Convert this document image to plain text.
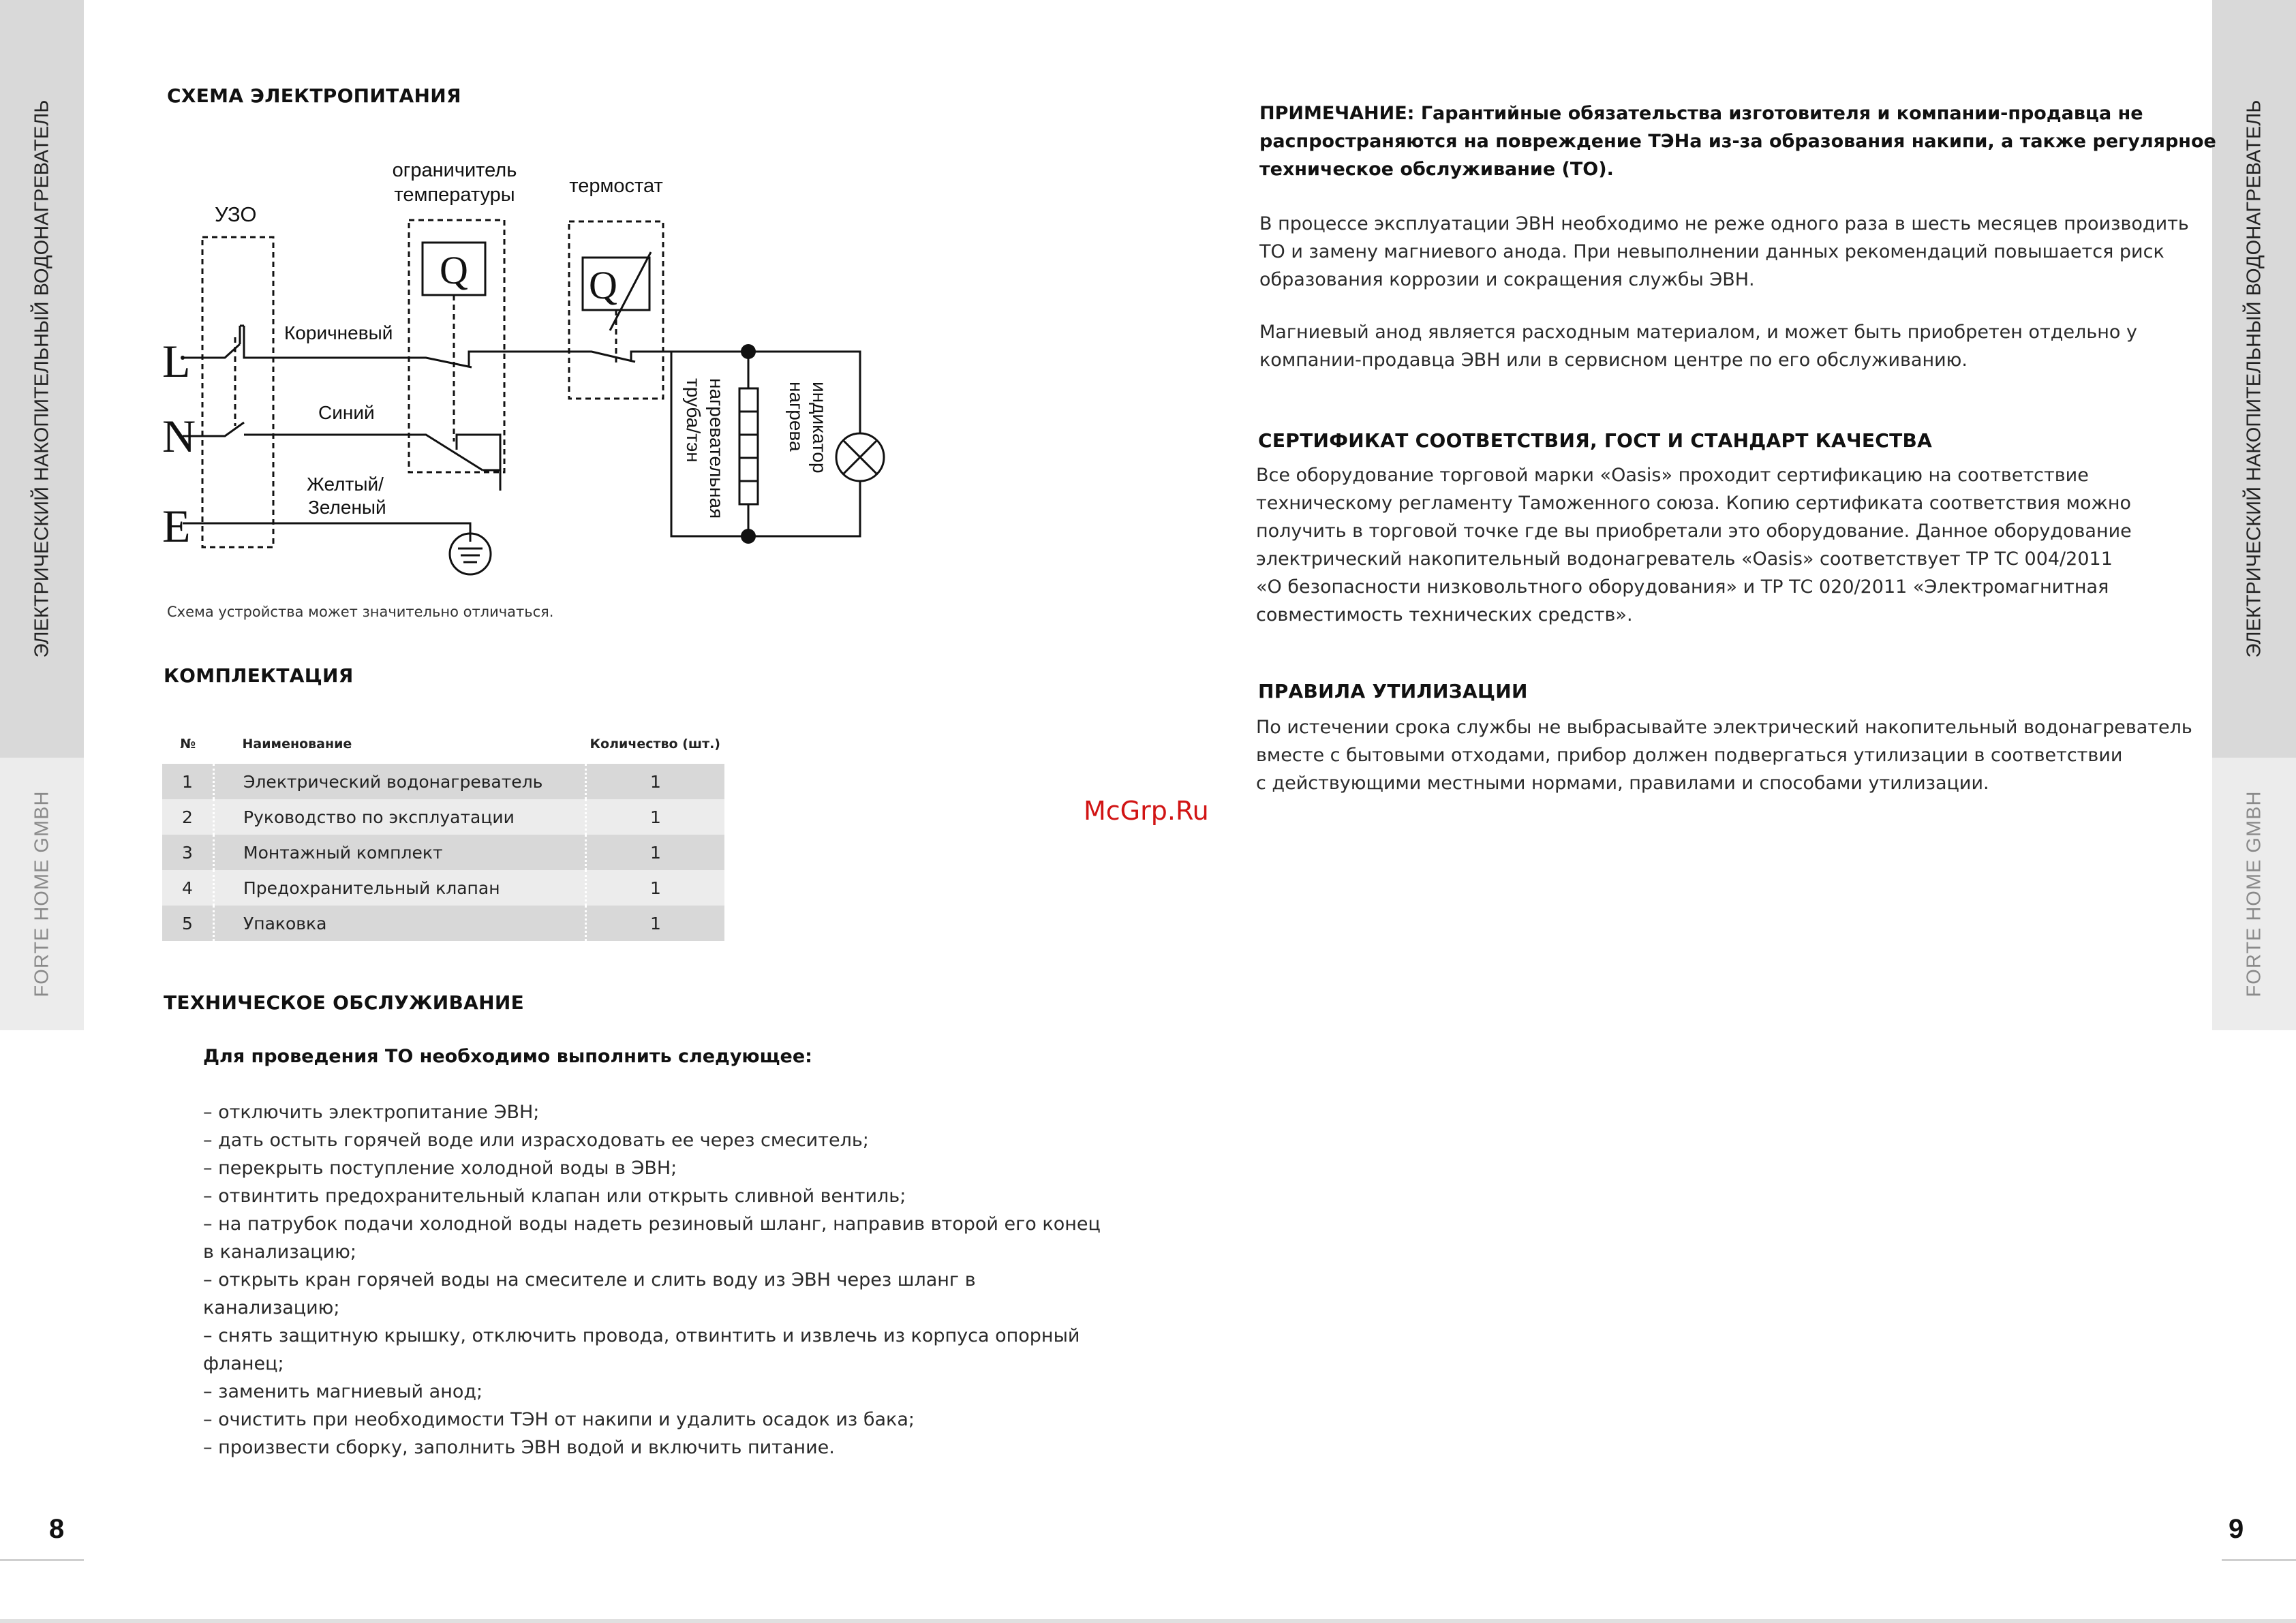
ЭЛЕКТРИЧЕСКИЙ НАКОПИТЕЛЬНЫЙ ВОДОНАГРЕВАТЕЛЬ
FORTE HOME GMBH
ЭЛЕКТРИЧЕСКИЙ НАКОПИТЕЛЬНЫЙ ВОДОНАГРЕВАТЕЛЬ
FORTE HOME GMBH
8	9
СХЕМА ЭЛЕКТРОПИТАНИЯ
УЗО
ограничитель
температуры	термостат
Q	Q
L
N
E
Коричневый
Синий
Желтый/
Зеленый	нагревательная
труба/тэн	индикатор
нагрева
Схема устройства может значительно отличаться.
КОМПЛЕКТАЦИЯ
№	Наименование	Количество (шт.)
1	Электрический водонагреватель	1
2	Руководство по эксплуатации	1
3	Монтажный комплект	1
4	Предохранительный клапан	1
5	Упаковка	1
ТЕХНИЧЕСКОЕ ОБСЛУЖИВАНИЕ
Для проведения ТО необходимо выполнить следующее:
– отключить электропитание ЭВН;
– дать остыть горячей воде или израсходовать ее через смеситель;
– перекрыть поступление холодной воды в ЭВН;
– отвинтить предохранительный клапан или открыть сливной вентиль;
– на патрубок подачи холодной воды надеть резиновый шланг, направив второй его конец
в канализацию;
– открыть кран горячей воды на смесителе и слить воду из ЭВН через шланг в
канализацию;
– снять защитную крышку, отключить провода, отвинтить и извлечь из корпуса опорный
фланец;
– заменить магниевый анод;
– очистить при необходимости ТЭН от накипи и удалить осадок из бака;
– произвести сборку, заполнить ЭВН водой и включить питание.
McGrp.Ru
ПРИМЕЧАНИЕ: Гарантийные обязательства изготовителя и компании-продавца не
распространяются на повреждение ТЭНа из-за образования накипи, а также регулярное
техническое обслуживание (ТО).
В процессе эксплуатации ЭВН необходимо не реже одного раза в шесть месяцев производить
ТО и замену магниевого анода. При невыполнении данных рекомендаций повышается риск
образования коррозии и сокращения службы ЭВН.
Магниевый анод является расходным материалом, и может быть приобретен отдельно у
компании-продавца ЭВН или в сервисном центре по его обслуживанию.
СЕРТИФИКАТ СООТВЕТСТВИЯ, ГОСТ И СТАНДАРТ КАЧЕСТВА
Все оборудование торговой марки «Oasis» проходит сертификацию на соответствие
техническому регламенту Таможенного союза. Копию сертификата соответствия можно
получить в торговой точке где вы приобретали это оборудование. Данное оборудование
электрический накопительный водонагреватель «Oasis» соответствует ТР ТС 004/2011
«О безопасности низковольтного оборудования» и ТР ТС 020/2011 «Электромагнитная
совместимость технических средств».
ПРАВИЛА УТИЛИЗАЦИИ
По истечении срока службы не выбрасывайте электрический накопительный водонагреватель
вместе с бытовыми отходами, прибор должен подвергаться утилизации в соответствии
с действующими местными нормами, правилами и способами утилизации.
